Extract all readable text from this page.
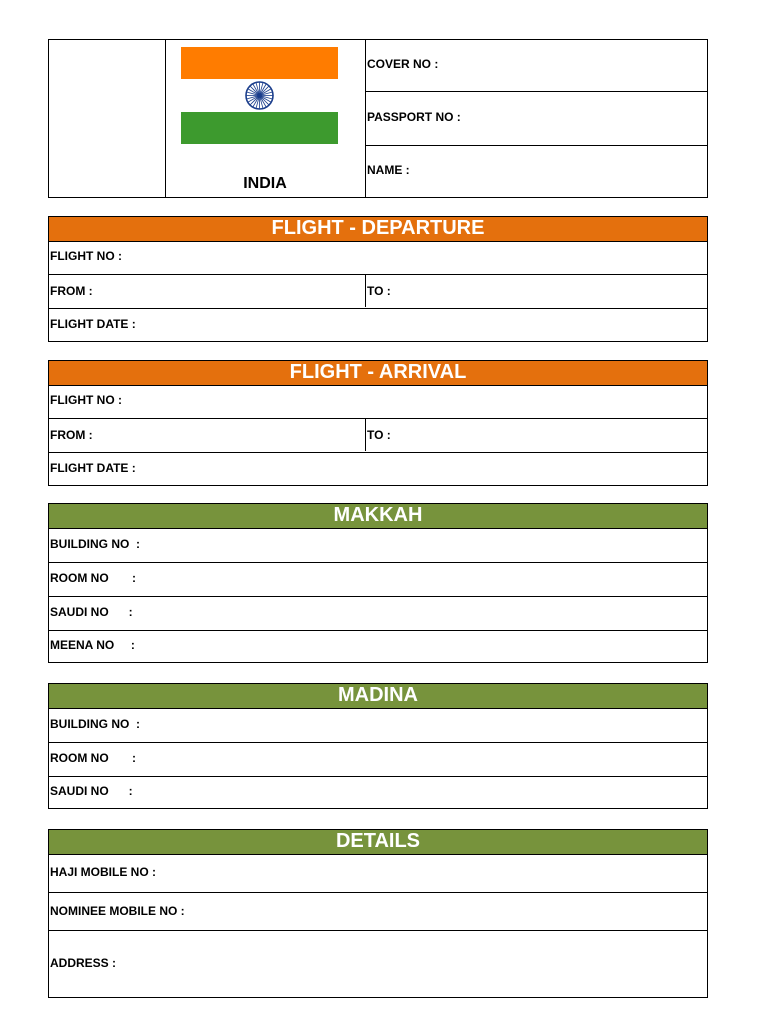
INDIA
COVER NO :
PASSPORT NO :
NAME :
FLIGHT - DEPARTURE
FLIGHT NO :
FROM :	TO :
FLIGHT DATE :
FLIGHT - ARRIVAL
FLIGHT NO :
FROM :	TO :
FLIGHT DATE :
MAKKAH
BUILDING NO  :
ROOM NO       :
SAUDI NO      :
MEENA NO     :
MADINA
BUILDING NO  :
ROOM NO       :
SAUDI NO      :
DETAILS
HAJI MOBILE NO :
NOMINEE MOBILE NO :
ADDRESS :
